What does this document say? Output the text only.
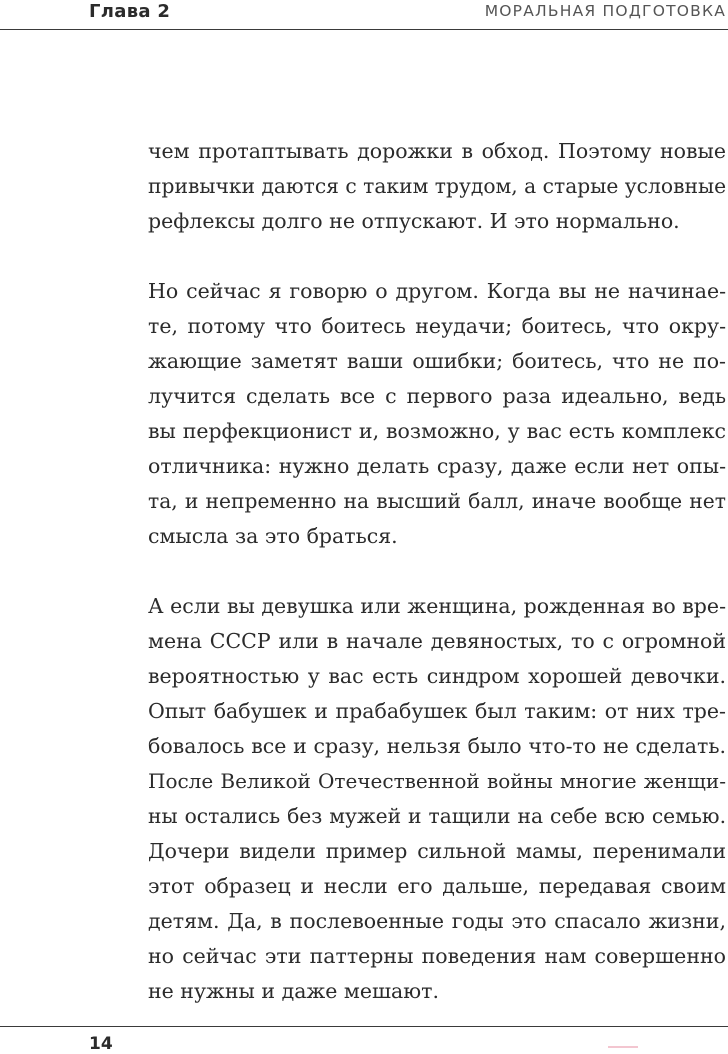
Глава 2	МОРАЛЬНАЯ ПОДГОТОВКА

чем протаптывать дорожки в обход. Поэтому новые
привычки даются с таким трудом, а старые условные
рефлексы долго не отпускают. И это нормально.

Но сейчас я говорю о другом. Когда вы не начинае-
те, потому что боитесь неудачи; боитесь, что окру-
жающие заметят ваши ошибки; боитесь, что не по-
лучится сделать все с первого раза идеально, ведь
вы перфекционист и, возможно, у вас есть комплекс
отличника: нужно делать сразу, даже если нет опы-
та, и непременно на высший балл, иначе вообще нет
смысла за это браться.

А если вы девушка или женщина, рожденная во вре-
мена СССР или в начале девяностых, то с огромной
вероятностью у вас есть синдром хорошей девочки.
Опыт бабушек и прабабушек был таким: от них тре-
бовалось все и сразу, нельзя было что-то не сделать.
После Великой Отечественной войны многие женщи-
ны остались без мужей и тащили на себе всю семью.
Дочери видели пример сильной мамы, перенимали
этот образец и несли его дальше, передавая своим
детям. Да, в послевоенные годы это спасало жизни,
но сейчас эти паттерны поведения нам совершенно
не нужны и даже мешают.

14
